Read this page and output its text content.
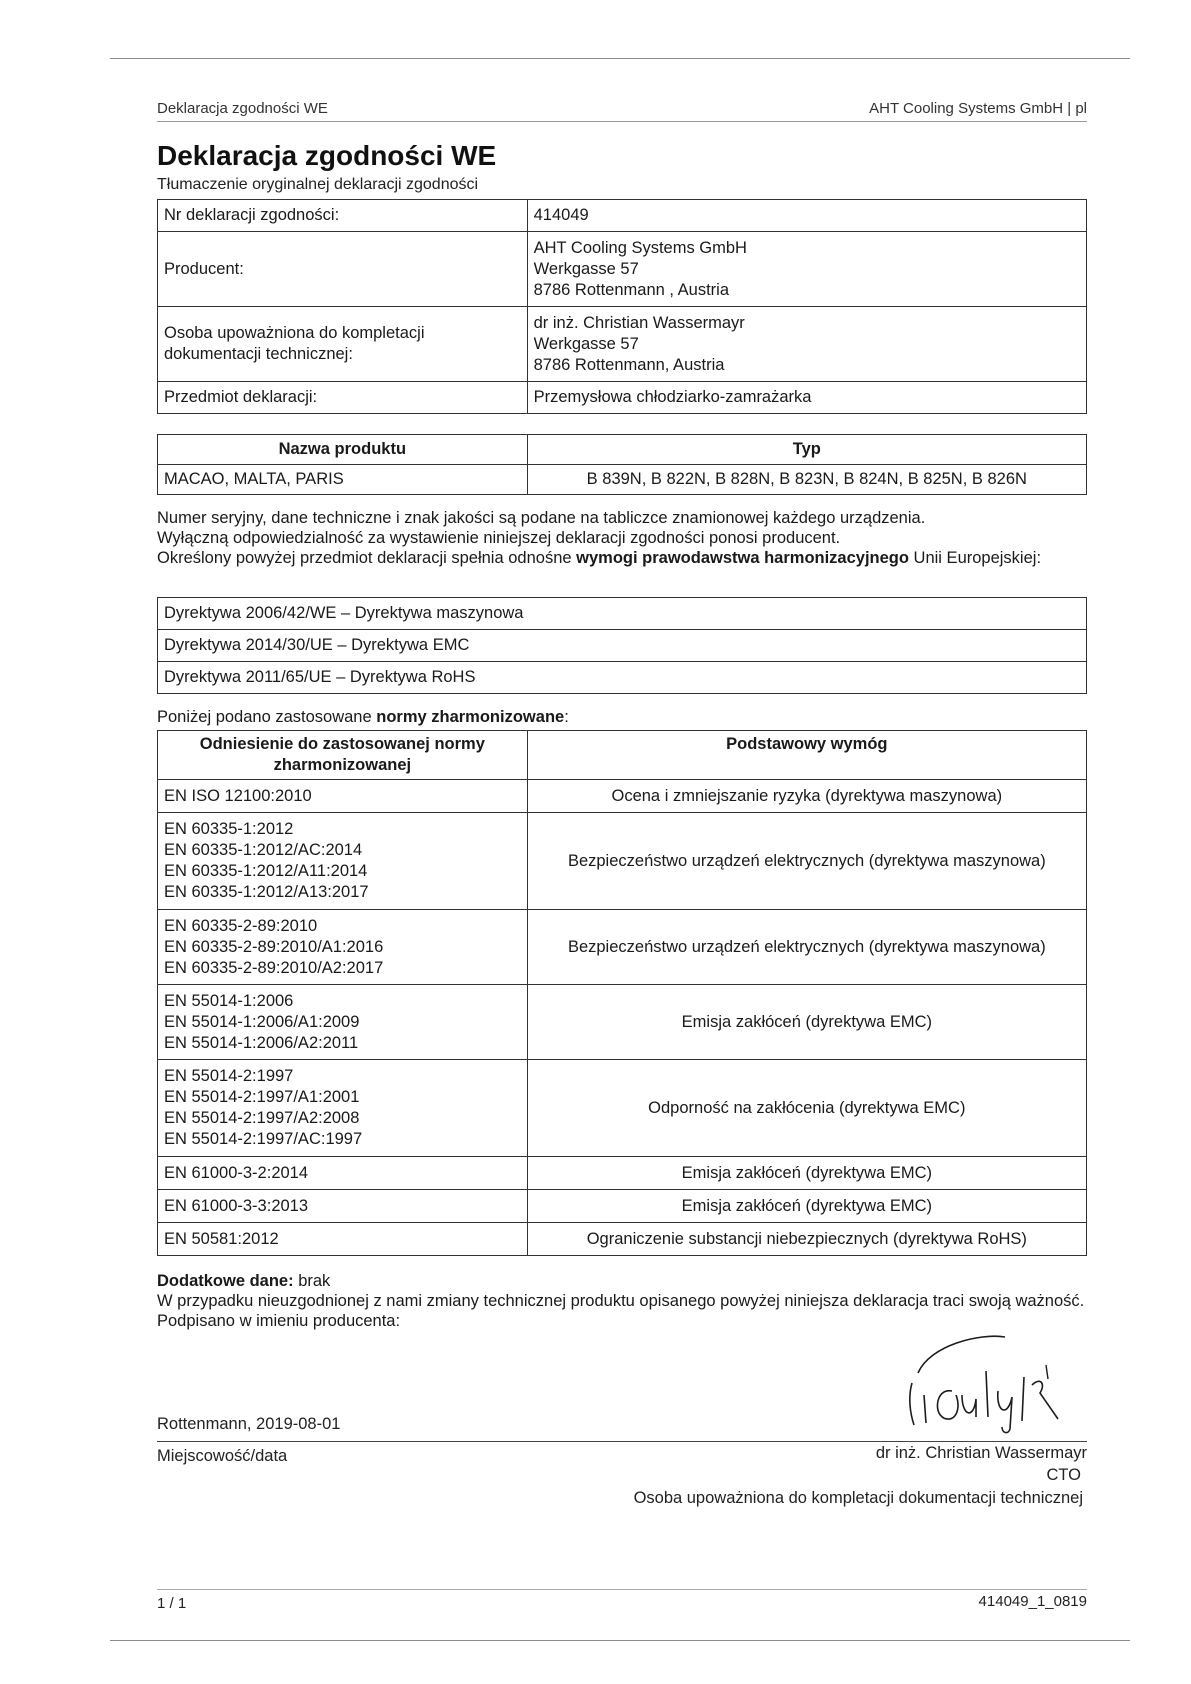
Deklaracja zgodności WE	AHT Cooling Systems GmbH | pl
Deklaracja zgodności WE
Tłumaczenie oryginalnej deklaracji zgodności
Nr deklaracji zgodności:	414049
Producent:	AHT Cooling Systems GmbH
Werkgasse 57
8786 Rottenmann , Austria
Osoba upoważniona do kompletacji
dokumentacji technicznej:	dr inż. Christian Wassermayr
Werkgasse 57
8786 Rottenmann, Austria
Przedmiot deklaracji:	Przemysłowa chłodziarko-zamrażarka
Nazwa produktu	Typ
MACAO, MALTA, PARIS	B 839N, B 822N, B 828N, B 823N, B 824N, B 825N, B 826N
Numer seryjny, dane techniczne i znak jakości są podane na tabliczce znamionowej każdego urządzenia.
Wyłączną odpowiedzialność za wystawienie niniejszej deklaracji zgodności ponosi producent.
Określony powyżej przedmiot deklaracji spełnia odnośne wymogi prawodawstwa harmonizacyjnego Unii Europejskiej:
Dyrektywa 2006/42/WE – Dyrektywa maszynowa
Dyrektywa 2014/30/UE – Dyrektywa EMC
Dyrektywa 2011/65/UE – Dyrektywa RoHS
Poniżej podano zastosowane normy zharmonizowane:
Odniesienie do zastosowanej normy zharmonizowanej	Podstawowy wymóg
EN ISO 12100:2010	Ocena i zmniejszanie ryzyka (dyrektywa maszynowa)
EN 60335-1:2012
EN 60335-1:2012/AC:2014
EN 60335-1:2012/A11:2014
EN 60335-1:2012/A13:2017	Bezpieczeństwo urządzeń elektrycznych (dyrektywa maszynowa)
EN 60335-2-89:2010
EN 60335-2-89:2010/A1:2016
EN 60335-2-89:2010/A2:2017	Bezpieczeństwo urządzeń elektrycznych (dyrektywa maszynowa)
EN 55014-1:2006
EN 55014-1:2006/A1:2009
EN 55014-1:2006/A2:2011	Emisja zakłóceń (dyrektywa EMC)
EN 55014-2:1997
EN 55014-2:1997/A1:2001
EN 55014-2:1997/A2:2008
EN 55014-2:1997/AC:1997	Odporność na zakłócenia (dyrektywa EMC)
EN 61000-3-2:2014	Emisja zakłóceń (dyrektywa EMC)
EN 61000-3-3:2013	Emisja zakłóceń (dyrektywa EMC)
EN 50581:2012	Ograniczenie substancji niebezpiecznych (dyrektywa RoHS)
Dodatkowe dane: brak
W przypadku nieuzgodnionej z nami zmiany technicznej produktu opisanego powyżej niniejsza deklaracja traci swoją ważność.
Podpisano w imieniu producenta:
Rottenmann, 2019-08-01
Miejscowość/data	dr inż. Christian Wassermayr
CTO
Osoba upoważniona do kompletacji dokumentacji technicznej
1 / 1	414049_1_0819
